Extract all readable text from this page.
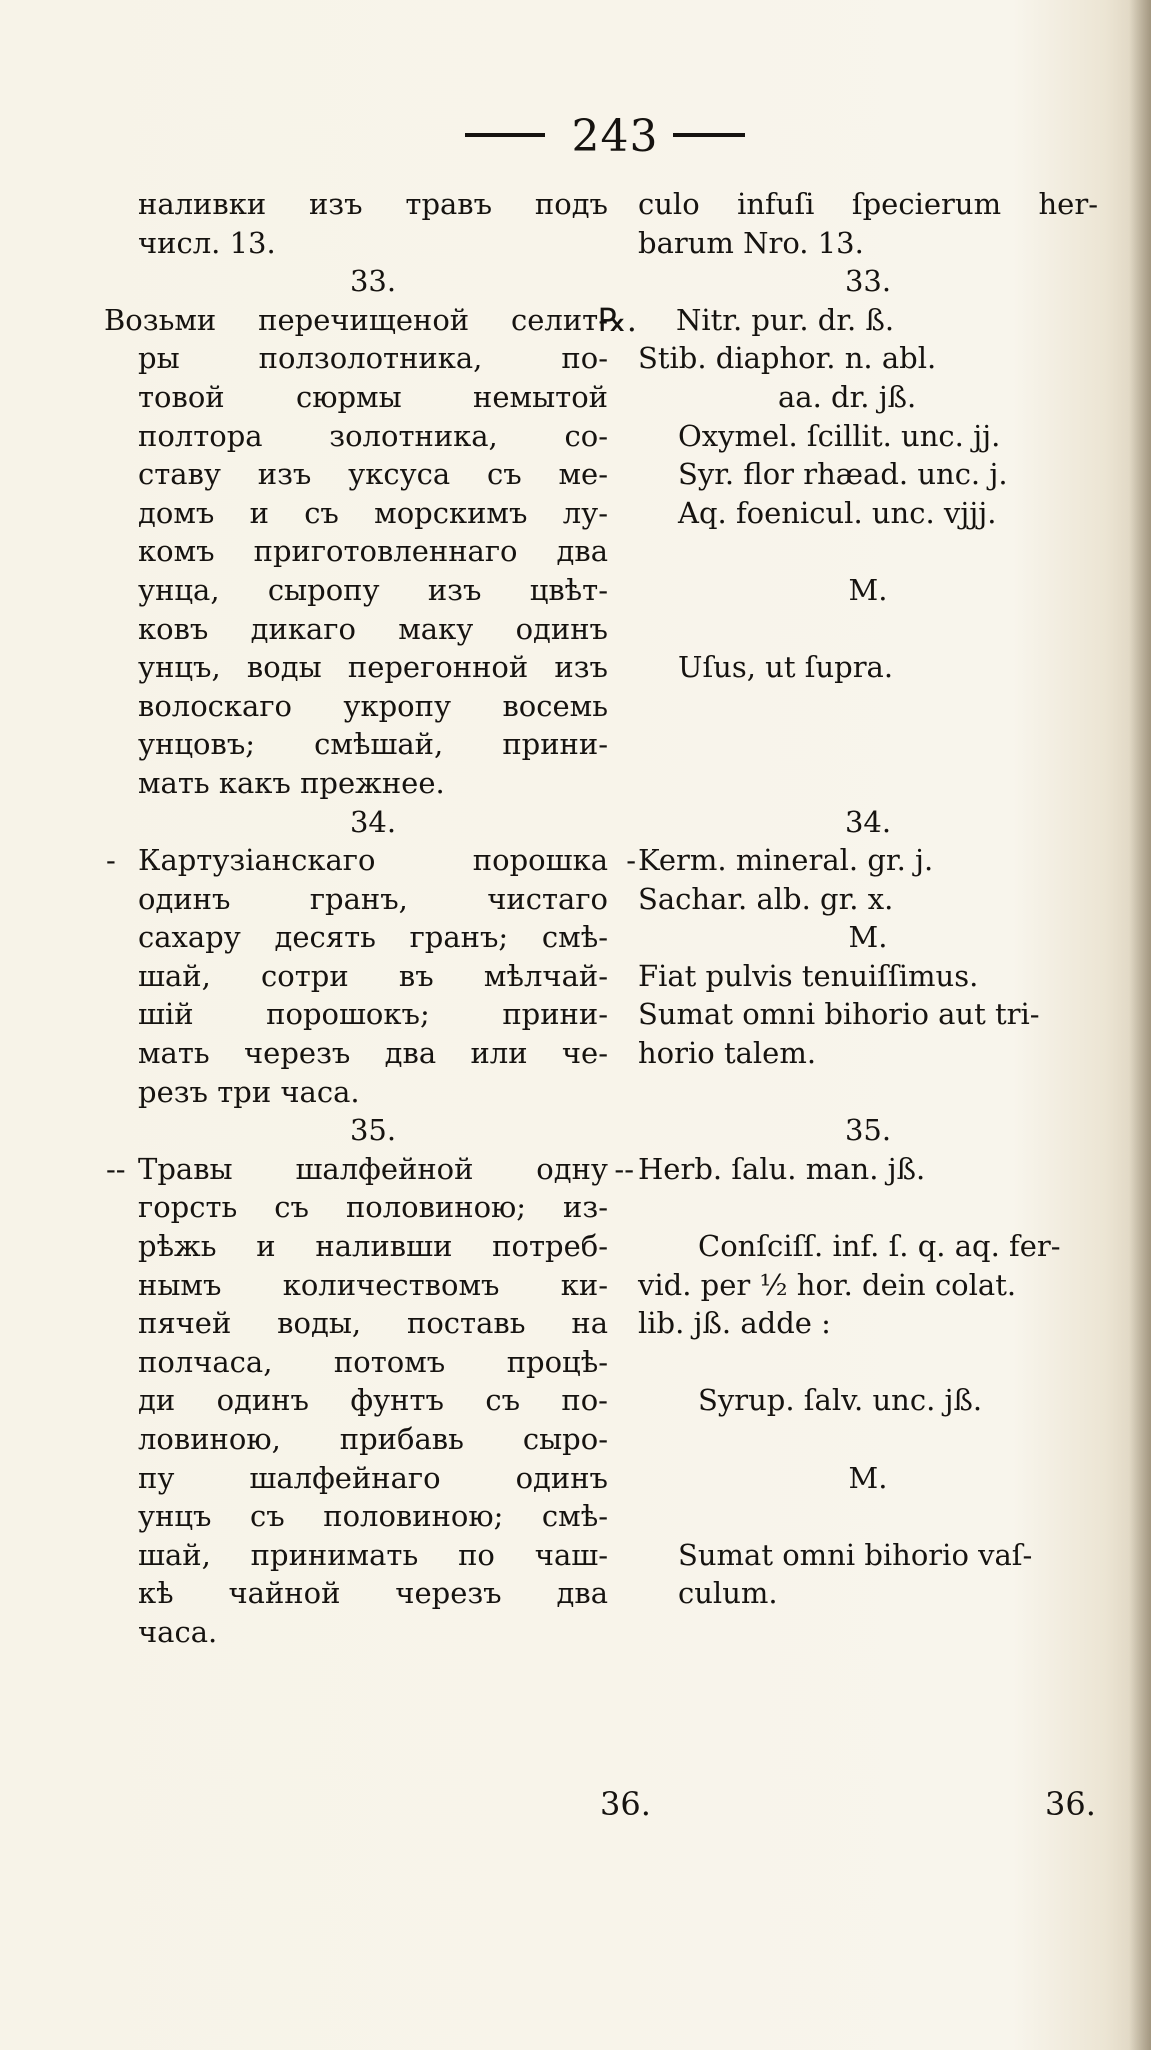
243
наливки изъ травъ подъ
числ. 13.
33.
Возьми перечищеной селит-
ры ползолотника, по-
товой сюрмы немытой
полтора золотника, со-
ставу изъ уксуса съ ме-
домъ и съ морскимъ лу-
комъ приготовленнаго два
унца, сыропу изъ цвѣт-
ковъ дикаго маку одинъ
унцъ, воды перегонной изъ
волоскаго укропу восемь
унцовъ; смѣшай, прини-
мать какъ прежнее.
34.
- Картузiанскаго порошка
одинъ гранъ, чистаго
сахару десять гранъ; смѣ-
шай, сотри въ мѣлчай-
шiй порошокъ; прини-
мать черезъ два или че-
резъ три часа.
35.
-- Травы шалфейной одну
горсть съ половиною; из-
рѣжь и наливши потреб-
нымъ количествомъ ки-
пячей воды, поставь на
полчаса, потомъ процѣ-
ди одинъ фунтъ съ по-
ловиною, прибавь сыро-
пу шалфейнаго одинъ
унцъ съ половиною; смѣ-
шай, принимать по чаш-
кѣ чайной черезъ два
часа.
culo infuſi ſpecierum her-
barum Nro. 13.
33.
℞. Nitr. pur. dr. ß.
Stib. diaphor. n. abl.
aa. dr. jß.
Oxymel. ſcillit. unc. jj.
Syr. flor rhæad. unc. j.
Aq. foenicul. unc. vjjj.
M.
Uſus, ut ſupra.
34.
- Kerm. mineral. gr. j.
Sachar. alb. gr. x.
M.
Fiat pulvis tenuiſſimus.
Sumat omni bihorio aut tri-
horio talem.
35.
-- Herb. ſalu. man. jß.
Conſciſſ. inf. ſ. q. aq. fer-
vid. per ½ hor. dein colat.
lib. jß. adde :
Syrup. ſalv. unc. jß.
M.
Sumat omni bihorio vaſ-
culum.
36.	36.
